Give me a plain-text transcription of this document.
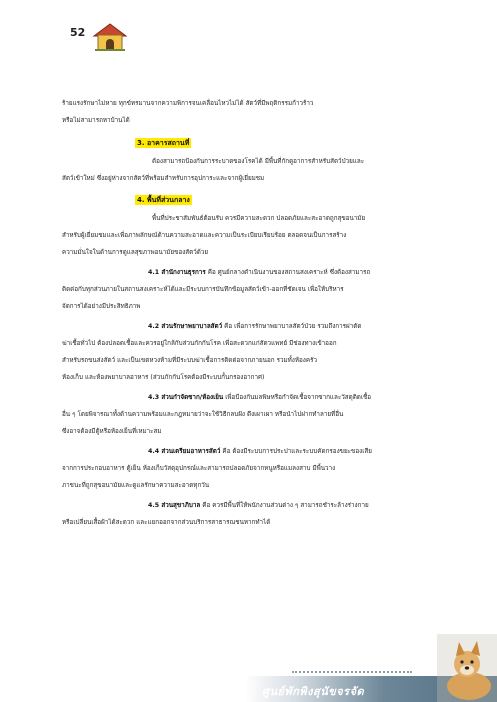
52
ร้ายแรงรักษาไม่หาย ทุกข์ทรมานจากความพิการจนเคลื่อนไหวไม่ได้ สัตว์ที่มีพฤติกรรมก้าวร้าว
หรือไม่สามารถหาบ้านได้
3. อาคารสถานที่
ต้องสามารถป้องกันการระบาดของโรคได้ มีพื้นที่กักดูอาการสำหรับสัตว์ป่วยและ
สัตว์เข้าใหม่ ซึ่งอยู่ห่างจากสัตว์ที่พร้อมสำหรับการอุปการะและจากผู้เยี่ยมชม
4. พื้นที่ส่วนกลาง
พื้นที่ประชาสัมพันธ์ต้อนรับ ควรมีความสะดวก ปลอดภัยและสะอาดถูกสุขอนามัย
สำหรับผู้เยี่ยมชมและเพื่อภาพลักษณ์ด้านความสะอาดและความเป็นระเบียบเรียบร้อย ตลอดจนเป็นการสร้าง
ความมั่นใจในด้านการดูแลสุขภาพอนามัยของสัตว์ด้วย
4.1 สำนักงานธุรการ คือ ศูนย์กลางดำเนินงานของสถานสงเคราะห์ ซึ่งต้องสามารถ
ติดต่อกับทุกส่วนภายในสถานสงเคราะห์ได้และมีระบบการบันทึกข้อมูลสัตว์เข้า-ออกที่ชัดเจน เพื่อให้บริหาร
จัดการได้อย่างมีประสิทธิภาพ
4.2 ส่วนรักษาพยาบาลสัตว์ คือ เพื่อการรักษาพยาบาลสัตว์ป่วย รวมถึงการผ่าตัด
ฆ่าเชื้อทั่วไป ต้องปลอดเชื้อและควรอยู่ใกล้กับส่วนกักกันโรค เพื่อสะดวกแก่สัตวแพทย์ มีช่องทางเข้าออก
สำหรับรถขนส่งสัตว์ และเป็นเขตหวงห้ามที่มีระบบฆ่าเชื้อการติดต่อจากภายนอก รวมทั้งห้องครัว
ห้องเก็บ และห้องพยาบาลอาหาร (ส่วนกักกันโรคต้องมีระบบกั้นกรองอากาศ)
4.3 ส่วนกำจัดซาก/ห้องเย็น เพื่อป้องกันมลพิษหรือกำจัดเชื้อจากซากและวัสดุติดเชื้อ
อื่น ๆ โดยพิจารณาทั้งด้านความพร้อมและกฎหมายว่าจะใช้วิธีกลบฝัง ดึงเผาเผา หรือนำไปฝากทำลายที่อื่น
ซึ่งอาจต้องมีตู้หรือห้องเย็นที่เหมาะสม
4.4 ส่วนเตรียมอาหารสัตว์ คือ ต้องมีระบบการประปาและระบบคัดกรองขยะของเสีย
จากการประกอบอาหาร ตู้เย็น ห้องเก็บวัสดุอุปกรณ์และสามารถปลอดภัยจากหนูหรือแมลงสาบ มีพื้นวาง
ภาชนะที่ถูกสุขอนามัยและดูแลรักษาความสะอาดทุกวัน
4.5 ส่วนสุขาภิบาล คือ ควรมีพื้นที่ให้พนักงานส่วนต่าง ๆ สามารถชำระล้างร่างกาย
หรือเปลี่ยนเสื้อผ้าได้สะดวก และแยกออกจากส่วนบริการสาธารณชนหากทำได้
ศูนย์พักพิงสุนัขจรจัด
